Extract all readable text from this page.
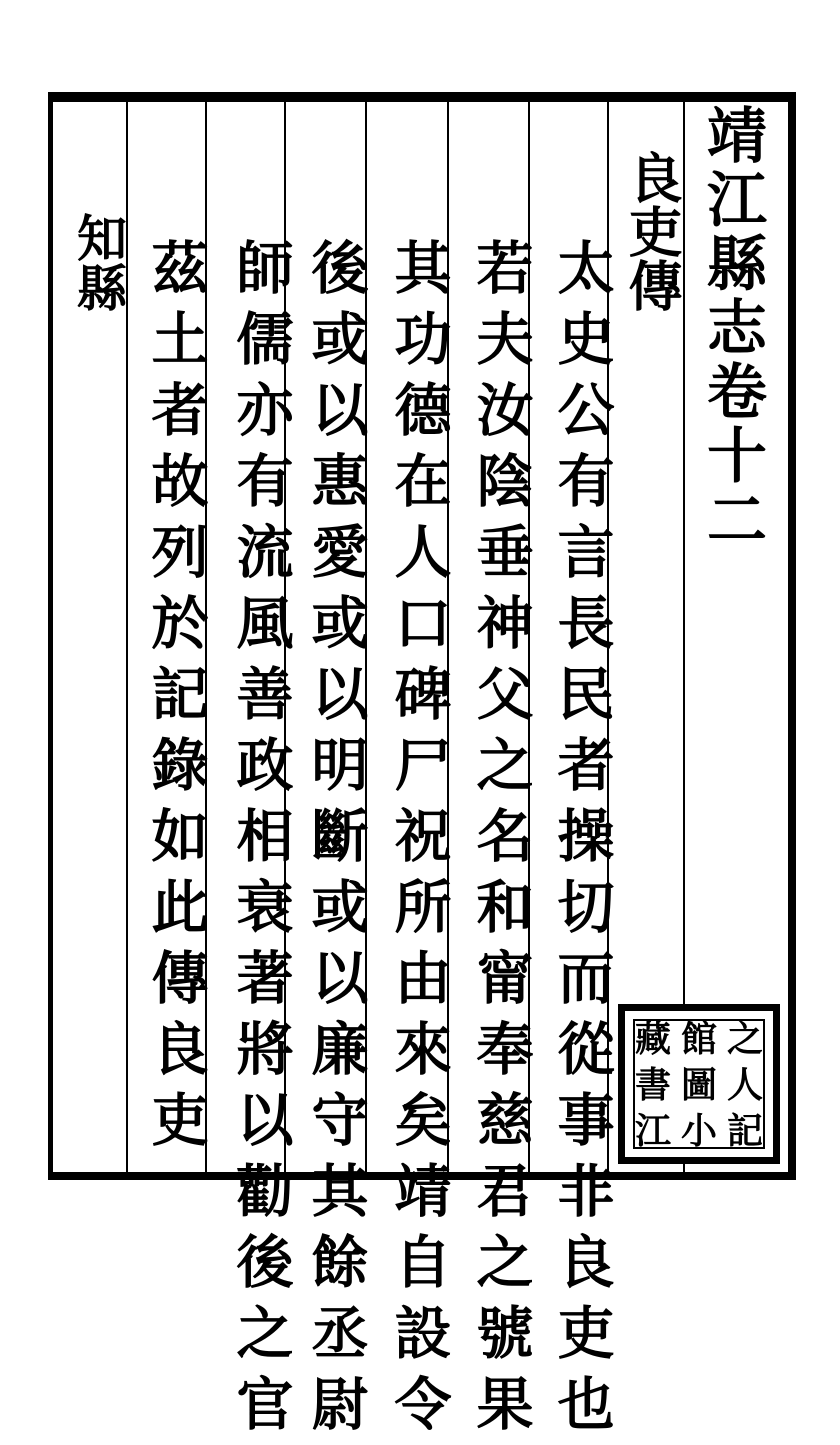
靖江縣志卷十二
良吏傳
太史公有言長民者操切而從事非良吏也
若夫汝陰垂神父之名和甯奉慈君之號果
其功德在人口碑尸祝所由來矣靖自設令
後或以惠愛或以明斷或以廉守其餘丞尉
師儒亦有流風善政相衰著將以勸後之官
茲土者故列於記錄如此傳良吏
知縣
藏 館 之
書 圖 人
江 小 記
